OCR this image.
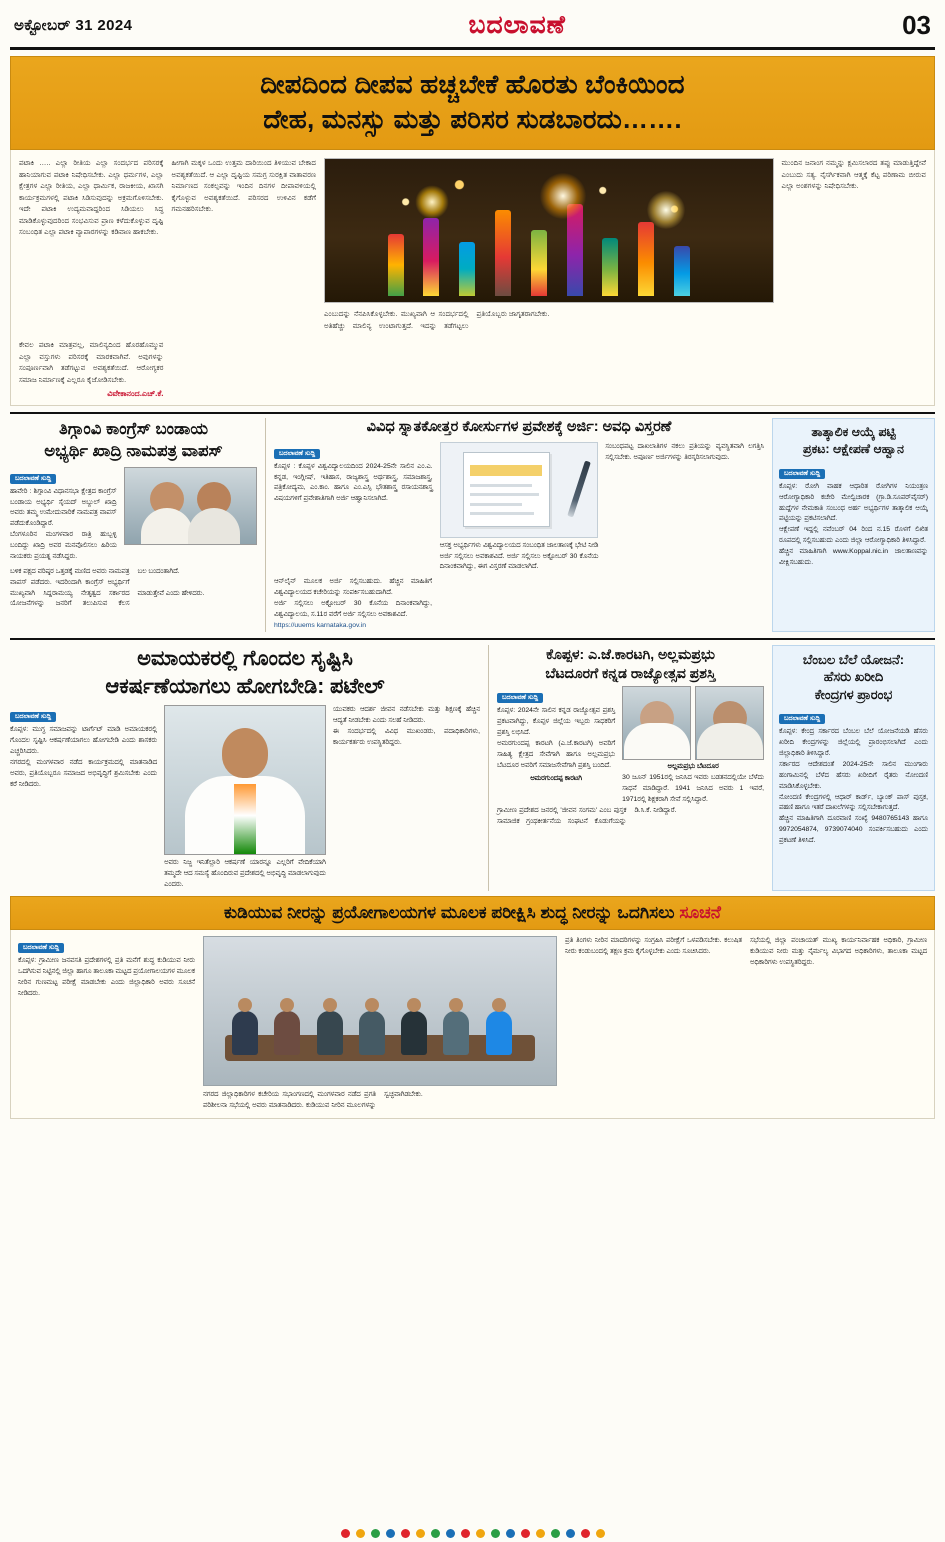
ಅಕ್ಟೋಬರ್ 31 2024	ಬದಲಾವಣೆ	03
ದೀಪದಿಂದ ದೀಪವ ಹಚ್ಚಬೇಕೆ ಹೊರತು ಬೆಂಕಿಯಿಂದ
ದೇಹ, ಮನಸ್ಸು ಮತ್ತು ಪರಿಸರ ಸುಡಬಾರದು…….
ಪಟಾಕಿ ….. ಎಲ್ಲಾ ರೀತಿಯ ಎಲ್ಲಾ ಸಂದರ್ಭದ ಪರಿಸರಕ್ಕೆ ಹಾನಿಯಾಗುವ ಪಟಾಕಿ ನಿಷೇಧಿಸಬೇಕು. ಎಲ್ಲಾ ಧರ್ಮಗಳ, ಎಲ್ಲಾ ಕ್ಷೇತ್ರಗಳ ಎಲ್ಲಾ ರೀತಿಯ, ಎಲ್ಲಾ ಧಾರ್ಮಿಕ, ರಾಜಕೀಯ, ಖಾಸಗಿ ಕಾರ್ಯಕ್ರಮಗಳಲ್ಲಿ ಪಟಾಕಿ ಸಿಡಿಸುವುದನ್ನು ಅಕ್ರಮಗೊಳಿಸಬೇಕು. ಇದೇ ಪಟಾಕಿ ಉದ್ಯಮವಾದ್ದರಿಂದ ಸಿಡಿಯಲು ಸಿದ್ಧ ಮಾಡಿಕೊಳ್ಳುವುದರಿಂದ ಸಂಭವಿಸುವ ಪ್ರಾಣ ಕಳೆದುಕೊಳ್ಳುವ ದೃಷ್ಟಿ ಸಂಬಂಧಿತ ಎಲ್ಲಾ ಪಟಾಕಿ ವ್ಯಾಪಾರಗಳನ್ನು ಕಡಿವಾಣ ಹಾಕಬೇಕು.
ಹೀಗಾಗಿ ಮಕ್ಕಳ ಒಂದು ಉತ್ತಮ ದಾರಿಯಿಂದ ತಿಳಿಯುವ ಬೇಕಾದ ಅವಶ್ಯಕತೆಯಿದೆ. ಆ ಎಲ್ಲಾ ದೃಷ್ಟಿಯ ಸಮಗ್ರ ಸುರಕ್ಷಿತ ವಾತಾವರಣ ನಿರ್ಮಾಣದ ಸಂಕಲ್ಪವನ್ನು ಇಂದಿನ ದಿನಗಳ ದೀಪಾವಳಿಯಲ್ಲಿ ಕೈಗೊಳ್ಳುವ ಅವಶ್ಯಕತೆಯಿದೆ. ಪರಿಸರದ ಉಳಿವಿನ ಕಡೆಗೆ ಗಮನಹರಿಸಬೇಕು.
ಎಂಬುದನ್ನು ನೆನಪಿಸಿಕೊಳ್ಳಬೇಕು. ಮುಖ್ಯವಾಗಿ ಆ ಸಂದರ್ಭದಲ್ಲಿ ಅತಿಹೆಚ್ಚು ಮಾಲಿನ್ಯ ಉಂಟಾಗುತ್ತದೆ. ಇದನ್ನು ತಡೆಗಟ್ಟಲು ಪ್ರತಿಯೊಬ್ಬರು ಜಾಗೃತರಾಗಬೇಕು.
ಮುಂದಿನ ಜನಾಂಗ ನಮ್ಮನ್ನು ಕ್ಷಮಿಸಲಾರದ ತಪ್ಪು ಮಾಡುತ್ತಿದ್ದೇವೆ ಎಂಬುದು ಸತ್ಯ. ನೈಸರ್ಗಿಕವಾಗಿ ಆತ್ಮಕ್ಕೆ ಕೆಟ್ಟ ಪರಿಣಾಮ ಬೀರುವ ಎಲ್ಲಾ ಅಂಶಗಳನ್ನು ನಿಷೇಧಿಸಬೇಕು.
ಕೇವಲ ಪಟಾಕಿ ಮಾತ್ರವಲ್ಲ, ಮಾಲಿನ್ಯದಿಂದ ಹೊರಹೊಮ್ಮುವ ಎಲ್ಲಾ ವಸ್ತುಗಳು ಪರಿಸರಕ್ಕೆ ಮಾರಕವಾಗಿವೆ. ಅವುಗಳನ್ನು ಸಂಪೂರ್ಣವಾಗಿ ತಡೆಗಟ್ಟುವ ಅವಶ್ಯಕತೆಯಿದೆ. ಆರೋಗ್ಯಕರ ಸಮಾಜ ನಿರ್ಮಾಣಕ್ಕೆ ಎಲ್ಲರೂ ಕೈಜೋಡಿಸಬೇಕು.
ವಿವೇಕಾನಂದ.ಎಚ್.ಕೆ.
ತಿಗ್ಗಾಂವಿ ಕಾಂಗ್ರೆಸ್ ಬಂಡಾಯ
ಅಭ್ಯರ್ಥಿ ಖಾದ್ರಿ ನಾಮಪತ್ರ ವಾಪಸ್
ಬದಲಾವಣೆ ಸುದ್ದಿ
ಹಾವೇರಿ : ಶಿಗ್ಗಾಂವಿ ವಿಧಾನಸಭಾ ಕ್ಷೇತ್ರದ ಕಾಂಗ್ರೆಸ್ ಬಂಡಾಯ ಅಭ್ಯರ್ಥಿ ಸೈಯದ್ ಅಬ್ದುಲ್ ಖಾದ್ರಿ ಅವರು ತಮ್ಮ ಉಮೇದುವಾರಿಕೆ ನಾಮಪತ್ರ ವಾಪಸ್ ಪಡೆದುಕೊಂಡಿದ್ದಾರೆ.
ಬೆಂಗಳೂರಿನ ಮಂಗಳವಾರ ರಾತ್ರಿ ಹುಬ್ಬಳ್ಳಿ ಬಂದಿದ್ದು ಖಾದ್ರಿ ಅವರ ಮನವೊಲಿಸಲು ಹಿರಿಯ ನಾಯಕರು ಪ್ರಯತ್ನ ನಡೆಸಿದ್ದರು.
ಬಳಿಕ ಪಕ್ಷದ ವರಿಷ್ಠರ ಒತ್ತಡಕ್ಕೆ ಮಣಿದ ಅವರು ನಾಮಪತ್ರ ವಾಪಸ್ ಪಡೆದರು. ಇದರಿಂದಾಗಿ ಕಾಂಗ್ರೆಸ್ ಅಭ್ಯರ್ಥಿಗೆ ಬಲ ಬಂದಂತಾಗಿದೆ.
ಮುಖ್ಯವಾಗಿ ಸಿದ್ದರಾಮಯ್ಯ ನೇತೃತ್ವದ ಸರ್ಕಾರದ ಯೋಜನೆಗಳನ್ನು ಜನರಿಗೆ ತಲುಪಿಸುವ ಕೆಲಸ ಮಾಡುತ್ತೇವೆ ಎಂದು ಹೇಳಿದರು.
ವಿವಿಧ ಸ್ನಾತಕೋತ್ತರ ಕೋರ್ಸುಗಳ ಪ್ರವೇಶಕ್ಕೆ ಅರ್ಜಿ: ಅವಧಿ ವಿಸ್ತರಣೆ
ಬದಲಾವಣೆ ಸುದ್ದಿ
ಕೊಪ್ಪಳ : ಕೊಪ್ಪಳ ವಿಶ್ವವಿದ್ಯಾಲಯದಿಂದ 2024-25ನೇ ಸಾಲಿನ ಎಂ.ಎ. ಕನ್ನಡ, ಇಂಗ್ಲೀಷ್, ಇತಿಹಾಸ, ರಾಜ್ಯಶಾಸ್ತ್ರ ಅರ್ಥಶಾಸ್ತ್ರ, ಸಮಾಜಶಾಸ್ತ್ರ, ಪತ್ರಿಕೋದ್ಯಮ, ಎಂ.ಕಾಂ. ಹಾಗೂ ಎಂ.ಎಸ್ಸಿ ಭೌತಶಾಸ್ತ್ರ ರಸಾಯನಶಾಸ್ತ್ರ ವಿಷಯಗಳಿಗೆ ಪ್ರವೇಶಾತಿಗಾಗಿ ಅರ್ಜಿ ಆಹ್ವಾನಿಸಲಾಗಿದೆ.
ಆಸಕ್ತ ಅಭ್ಯರ್ಥಿಗಳು ವಿಶ್ವವಿದ್ಯಾಲಯದ ಸಂಬಂಧಿತ ಜಾಲತಾಣಕ್ಕೆ ಭೇಟಿ ನೀಡಿ ಅರ್ಜಿ ಸಲ್ಲಿಸಲು ಅವಕಾಶವಿದೆ. ಅರ್ಜಿ ಸಲ್ಲಿಸಲು ಅಕ್ಟೋಬರ್ 30 ಕೊನೆಯ ದಿನಾಂಕವಾಗಿದ್ದು, ಈಗ ವಿಸ್ತರಣೆ ಮಾಡಲಾಗಿದೆ.
ಸಂಬಂಧಪಟ್ಟ ದಾಖಲಾತಿಗಳ ನಕಲು ಪ್ರತಿಯನ್ನು ವ್ಯವಸ್ಥಿತವಾಗಿ ಲಗತ್ತಿಸಿ ಸಲ್ಲಿಸಬೇಕು. ಅಪೂರ್ಣ ಅರ್ಜಿಗಳನ್ನು ತಿರಸ್ಕರಿಸಲಾಗುವುದು.
ಆನ್‌ಲೈನ್ ಮೂಲಕ ಅರ್ಜಿ ಸಲ್ಲಿಸಬಹುದು. ಹೆಚ್ಚಿನ ಮಾಹಿತಿಗೆ ವಿಶ್ವವಿದ್ಯಾಲಯದ ಕಚೇರಿಯನ್ನು ಸಂಪರ್ಕಿಸಬಹುದಾಗಿದೆ.
ಅರ್ಜಿ ಸಲ್ಲಿಸಲು ಅಕ್ಟೋಬರ್ 30 ಕೊನೆಯ ದಿನಾಂಕವಾಗಿದ್ದು, ವಿಶ್ವವಿದ್ಯಾಲಯ, ಸ.11ರ ವರೆಗೆ ಅರ್ಜಿ ಸಲ್ಲಿಸಲು ಅವಕಾಶವಿದೆ.
https://uuems karnataka.gov.in
ತಾತ್ಕಾಲಿಕ ಆಯ್ಕೆ ಪಟ್ಟಿ
ಪ್ರಕಟ: ಆಕ್ಷೇಪಣೆ ಆಹ್ವಾನ
ಬದಲಾವಣೆ ಸುದ್ದಿ
ಕೊಪ್ಪಳ: ರೋಗಿ ವಾಹಕ ಆಧಾರಿತ ರೋಗಿಗಳ ನಿಯಂತ್ರಣ ಆರೋಗ್ಯಾಧಿಕಾರಿ ಕಚೇರಿ ಮೇಲ್ವಿಚಾರಕ (ಗ್ರಾ.ಡಿ.ಸೂಪರ್‌ವೈಸರ್) ಹುದ್ದೆಗಳ ನೇಮಕಾತಿ ಸಂಬಂಧ ಅರ್ಹ ಅಭ್ಯರ್ಥಿಗಳ ತಾತ್ಕಾಲಿಕ ಆಯ್ಕೆ ಪಟ್ಟಿಯನ್ನು ಪ್ರಕಟಿಸಲಾಗಿದೆ.
ಆಕ್ಷೇಪಣೆ ಇದ್ದಲ್ಲಿ ನವೆಂಬರ್ 04 ರಿಂದ ನ.15 ರೊಳಗೆ ಲಿಖಿತ ರೂಪದಲ್ಲಿ ಸಲ್ಲಿಸಬಹುದು ಎಂದು ಜಿಲ್ಲಾ ಆರೋಗ್ಯಾಧಿಕಾರಿ ತಿಳಿಸಿದ್ದಾರೆ.
ಹೆಚ್ಚಿನ ಮಾಹಿತಿಗಾಗಿ www.Koppal.nic.in ಜಾಲತಾಣವನ್ನು ವೀಕ್ಷಿಸಬಹುದು.
ಅಮಾಯಕರಲ್ಲಿ ಗೊಂದಲ ಸೃಷ್ಟಿಸಿ
ಆಕರ್ಷಣೆಯಾಗಲು ಹೋಗಬೇಡಿ: ಪಟೇಲ್
ಬದಲಾವಣೆ ಸುದ್ದಿ
ಕೊಪ್ಪಳ: ಮುಗ್ಧ ಸಮಾಜವನ್ನು ಟಾರ್ಗೆಟ್ ಮಾಡಿ ಅಮಾಯಕರಲ್ಲಿ ಗೊಂದಲ ಸೃಷ್ಟಿಸಿ ಆಕರ್ಷಣೆಯಾಗಲು ಹೋಗಬೇಡಿ ಎಂದು ಶಾಸಕರು ಎಚ್ಚರಿಸಿದರು.
ನಗರದಲ್ಲಿ ಮಂಗಳವಾರ ನಡೆದ ಕಾರ್ಯಕ್ರಮದಲ್ಲಿ ಮಾತನಾಡಿದ ಅವರು, ಪ್ರತಿಯೊಬ್ಬರೂ ಸಮಾಜದ ಅಭಿವೃದ್ಧಿಗೆ ಶ್ರಮಿಸಬೇಕು ಎಂದು ಕರೆ ನೀಡಿದರು.
ಅವರು ನಿಜ್ಜ ಇನಿತೆಲ್ಲಾರಿ ಆಕರ್ಷಣೆ ಯಾರನ್ನೂ ಎಲ್ಲರಿಗೆ ವೇದಿಕೆಯಾಗಿ ತಮ್ಮದೇ ಆದ ಸಮಸ್ಯೆ ಹೊಂದಿರುವ ಪ್ರದೇಶದಲ್ಲಿ ಅಭಿವೃದ್ಧಿ ಮಾಡಲಾಗುವುದು ಎಂದರು.
ಯುವಕರು ಆದರ್ಶ ಜೀವನ ನಡೆಸಬೇಕು ಮತ್ತು ಶಿಕ್ಷಣಕ್ಕೆ ಹೆಚ್ಚಿನ ಆದ್ಯತೆ ನೀಡಬೇಕು ಎಂದು ಸಲಹೆ ನೀಡಿದರು.
ಈ ಸಂದರ್ಭದಲ್ಲಿ ವಿವಿಧ ಮುಖಂಡರು, ಪದಾಧಿಕಾರಿಗಳು, ಕಾರ್ಯಕರ್ತರು ಉಪಸ್ಥಿತರಿದ್ದರು.
ಕೊಪ್ಪಳ: ಎ.ಜೆ.ಕಾರಟಗಿ, ಅಲ್ಲಮಪ್ರಭು
ಬೆಟದೂರಗೆ ಕನ್ನಡ ರಾಜ್ಯೋತ್ಸವ ಪ್ರಶಸ್ತಿ
ಬದಲಾವಣೆ ಸುದ್ದಿ
ಕೊಪ್ಪಳ: 2024ನೇ ಸಾಲಿನ ಕನ್ನಡ ರಾಜ್ಯೋತ್ಸವ ಪ್ರಶಸ್ತಿ ಪ್ರಕಟವಾಗಿದ್ದು, ಕೊಪ್ಪಳ ಜಿಲ್ಲೆಯ ಇಬ್ಬರು ಸಾಧಕರಿಗೆ ಪ್ರಶಸ್ತಿ ಲಭಿಸಿದೆ.
ಅಮರಗುಂದಪ್ಪ ಕಾರಟಗಿ (ಎ.ಜೆ.ಕಾರಟಗಿ) ಅವರಿಗೆ ಸಾಹಿತ್ಯ ಕ್ಷೇತ್ರದ ಸೇವೆಗಾಗಿ ಹಾಗೂ ಅಲ್ಲಮಪ್ರಭು ಬೆಟದೂರ ಅವರಿಗೆ ಸಮಾಜಸೇವೆಗಾಗಿ ಪ್ರಶಸ್ತಿ ಬಂದಿದೆ.
ಅಮರಗುಂದಪ್ಪ ಕಾರಟಗಿ
ಅಲ್ಲಮಪ್ರಭು ಬೆಟದೂರ
30 ಜೂನ್ 1951ರಲ್ಲಿ ಜನಿಸಿದ ಇವರು ಬಡತನದಲ್ಲಿಯೇ ಬೆಳೆದು ಸಾಧನೆ ಮಾಡಿದ್ದಾರೆ. 1941 ಜನಿಸಿದ ಅವರು 1 ಇವರೆ, 1971ರಲ್ಲಿ ಶಿಕ್ಷಕರಾಗಿ ಸೇವೆ ಸಲ್ಲಿಸಿದ್ದಾರೆ.
ಗ್ರಾಮೀಣ ಪ್ರದೇಶದ ಜನರಲ್ಲಿ 'ಜೀವನ ಸಂಗಮ' ಎಂಬ ಪುಸ್ತಕ ಸಾಮಾಜಿಕ ಗ್ರಂಥಕೀರ್ತನೆಯ ಸಂಘಟನೆ ಕೊಡುಗೆಯನ್ನು ಡಿ.ಸಿ.ಕೆ. ನೀಡಿದ್ದಾರೆ.
ಬೆಂಬಲ ಬೆಲೆ ಯೋಜನೆ:
ಹೆಸರು ಖರೀದಿ
ಕೇಂದ್ರಗಳ ಪ್ರಾರಂಭ
ಬದಲಾವಣೆ ಸುದ್ದಿ
ಕೊಪ್ಪಳ: ಕೇಂದ್ರ ಸರ್ಕಾರದ ಬೆಂಬಲ ಬೆಲೆ ಯೋಜನೆಯಡಿ ಹೆಸರು ಖರೀದಿ ಕೇಂದ್ರಗಳನ್ನು ಜಿಲ್ಲೆಯಲ್ಲಿ ಪ್ರಾರಂಭಿಸಲಾಗಿದೆ ಎಂದು ಜಿಲ್ಲಾಧಿಕಾರಿ ತಿಳಿಸಿದ್ದಾರೆ.
ಸರ್ಕಾರದ ಆದೇಶದಂತೆ 2024-25ನೇ ಸಾಲಿನ ಮುಂಗಾರು ಹಂಗಾಮಿನಲ್ಲಿ ಬೆಳೆದ ಹೆಸರು ಖರೀದಿಗೆ ರೈತರು ನೋಂದಣಿ ಮಾಡಿಸಿಕೊಳ್ಳಬೇಕು.
ನೋಂದಣಿ ಕೇಂದ್ರಗಳಲ್ಲಿ ಆಧಾರ್ ಕಾರ್ಡ್, ಬ್ಯಾಂಕ್ ಪಾಸ್ ಪುಸ್ತಕ, ಪಹಣಿ ಹಾಗೂ ಇತರೆ ದಾಖಲೆಗಳನ್ನು ಸಲ್ಲಿಸಬೇಕಾಗುತ್ತದೆ.
ಹೆಚ್ಚಿನ ಮಾಹಿತಿಗಾಗಿ ದೂರವಾಣಿ ಸಂಖ್ಯೆ 9480765143 ಹಾಗೂ 9972054874, 9739074040 ಸಂಪರ್ಕಿಸಬಹುದು ಎಂದು ಪ್ರಕಟಣೆ ತಿಳಿಸಿದೆ.
ಕುಡಿಯುವ ನೀರನ್ನು ಪ್ರಯೋಗಾಲಯಗಳ ಮೂಲಕ ಪರೀಕ್ಷಿಸಿ ಶುದ್ಧ ನೀರನ್ನು ಒದಗಿಸಲು ಸೂಚನೆ
ಬದಲಾವಣೆ ಸುದ್ದಿ
ಕೊಪ್ಪಳ: ಗ್ರಾಮೀಣ ಜನವಸತಿ ಪ್ರದೇಶಗಳಲ್ಲಿ ಪ್ರತಿ ಮನೆಗೆ ಶುದ್ಧ ಕುಡಿಯುವ ನೀರು ಒದಗಿಸುವ ನಿಟ್ಟಿನಲ್ಲಿ ಜಿಲ್ಲಾ ಹಾಗೂ ತಾಲೂಕಾ ಮಟ್ಟದ ಪ್ರಯೋಗಾಲಯಗಳ ಮೂಲಕ ನೀರಿನ ಗುಣಮಟ್ಟ ಪರೀಕ್ಷೆ ಮಾಡಬೇಕು ಎಂದು ಜಿಲ್ಲಾಧಿಕಾರಿ ಅವರು ಸೂಚನೆ ನೀಡಿದರು.
ನಗರದ ಜಿಲ್ಲಾಧಿಕಾರಿಗಳ ಕಚೇರಿಯ ಸಭಾಂಗಣದಲ್ಲಿ ಮಂಗಳವಾರ ನಡೆದ ಪ್ರಗತಿ ಪರಿಶೀಲನಾ ಸಭೆಯಲ್ಲಿ ಅವರು ಮಾತನಾಡಿದರು. ಕುಡಿಯುವ ನೀರಿನ ಮೂಲಗಳನ್ನು ಸ್ವಚ್ಛವಾಗಿಡಬೇಕು.
ಪ್ರತಿ ತಿಂಗಳು ನೀರಿನ ಮಾದರಿಗಳನ್ನು ಸಂಗ್ರಹಿಸಿ ಪರೀಕ್ಷೆಗೆ ಒಳಪಡಿಸಬೇಕು. ಕಲುಷಿತ ನೀರು ಕಂಡುಬಂದಲ್ಲಿ ತಕ್ಷಣ ಕ್ರಮ ಕೈಗೊಳ್ಳಬೇಕು ಎಂದು ಸೂಚಿಸಿದರು.
ಸಭೆಯಲ್ಲಿ ಜಿಲ್ಲಾ ಪಂಚಾಯತ್ ಮುಖ್ಯ ಕಾರ್ಯನಿರ್ವಾಹಕ ಅಧಿಕಾರಿ, ಗ್ರಾಮೀಣ ಕುಡಿಯುವ ನೀರು ಮತ್ತು ನೈರ್ಮಲ್ಯ ವಿಭಾಗದ ಅಧಿಕಾರಿಗಳು, ತಾಲೂಕಾ ಮಟ್ಟದ ಅಧಿಕಾರಿಗಳು ಉಪಸ್ಥಿತರಿದ್ದರು.
